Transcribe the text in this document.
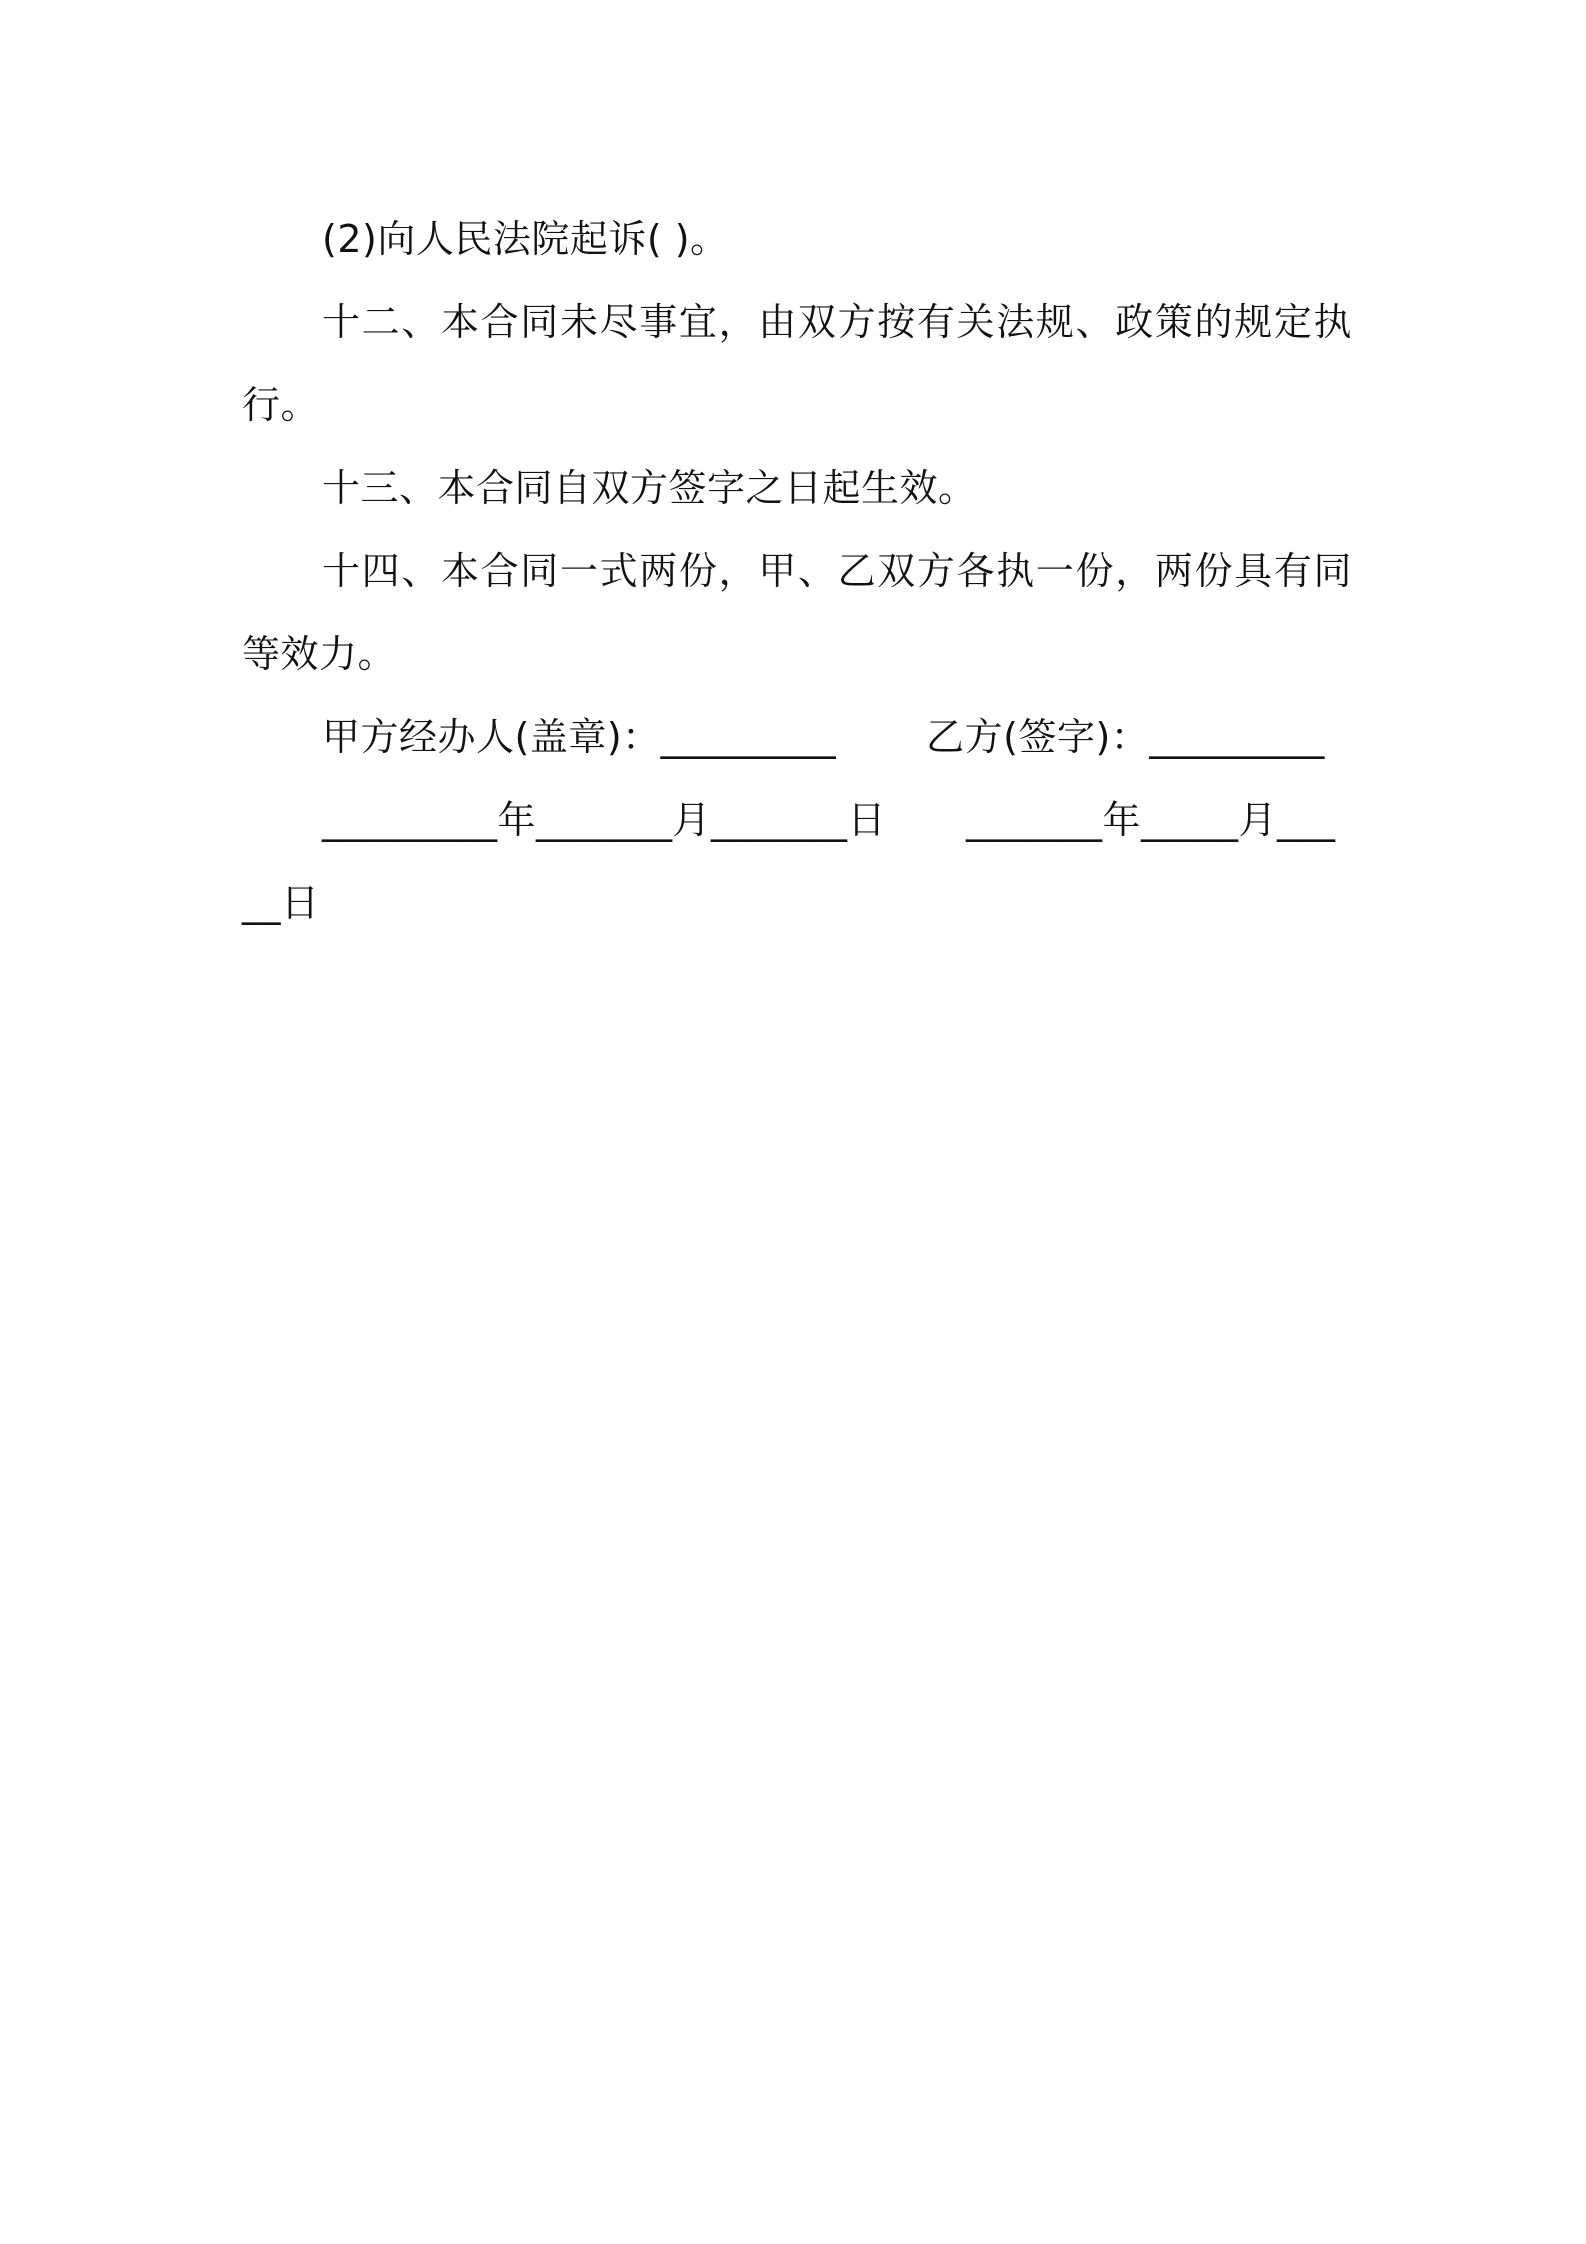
(2)向人民法院起诉( )。

十二、本合同未尽事宜，由双方按有关法规、政策的规定执行。

十三、本合同自双方签字之日起生效。

十四、本合同一式两份，甲、乙双方各执一份，两份具有同等效力。

甲方经办人(盖章)：_________ 乙方(签字)：_________

_________年_______月_______日 _______年_____月_____日
